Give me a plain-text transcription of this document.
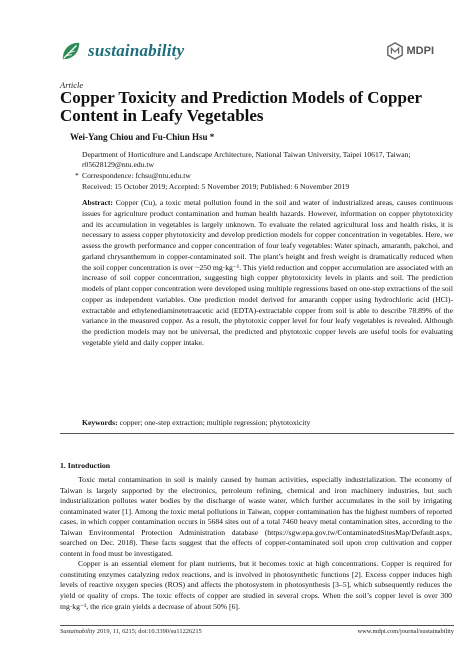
sustainability	MDPI
Article
Copper Toxicity and Prediction Models of Copper
Content in Leafy Vegetables
Wei-Yang Chiou and Fu-Chiun Hsu *
Department of Horticulture and Landscape Architecture, National Taiwan University, Taipei 10617, Taiwan; r05628129@ntu.edu.tw
* Correspondence: fchsu@ntu.edu.tw
Received: 15 October 2019; Accepted: 5 November 2019; Published: 6 November 2019
Abstract: Copper (Cu), a toxic metal pollution found in the soil and water of industrialized areas, causes continuous issues for agriculture product contamination and human health hazards. However, information on copper phytotoxicity and its accumulation in vegetables is largely unknown. To evaluate the related agricultural loss and health risks, it is necessary to assess copper phytotoxicity and develop prediction models for copper concentration in vegetables. Here, we assess the growth performance and copper concentration of four leafy vegetables: Water spinach, amaranth, pakchoi, and garland chrysanthemum in copper-contaminated soil. The plant’s height and fresh weight is dramatically reduced when the soil copper concentration is over ~250 mg·kg⁻¹. This yield reduction and copper accumulation are associated with an increase of soil copper concentration, suggesting high copper phytotoxicity levels in plants and soil. The prediction models of plant copper concentration were developed using multiple regressions based on one-step extractions of the soil copper as independent variables. One prediction model derived for amaranth copper using hydrochloric acid (HCl)-extractable and ethylenediaminetetraacetic acid (EDTA)-extractable copper from soil is able to describe 78.89% of the variance in the measured copper. As a result, the phytotoxic copper level for four leafy vegetables is revealed. Although the prediction models may not be universal, the predicted and phytotoxic copper levels are useful tools for evaluating vegetable yield and daily copper intake.
Keywords: copper; one-step extraction; multiple regression; phytotoxicity
1. Introduction

Toxic metal contamination in soil is mainly caused by human activities, especially industrialization. The economy of Taiwan is largely supported by the electronics, petroleum refining, chemical and iron machinery industries, but such industrialization pollutes water bodies by the discharge of waste water, which further accumulates in the soil by irrigating contaminated water [1]. Among the toxic metal pollutions in Taiwan, copper contamination has the highest numbers of reported cases, in which copper contamination occurs in 5684 sites out of a total 7460 heavy metal contamination sites, according to the Taiwan Environmental Protection Administration database (https://sgw.epa.gov.tw/ContaminatedSitesMap/Default.aspx, searched on Dec. 2018). These facts suggest that the effects of copper-contaminated soil upon crop cultivation and copper content in food must be investigated.

Copper is an essential element for plant nutrients, but it becomes toxic at high concentrations. Copper is required for constituting enzymes catalyzing redox reactions, and is involved in photosynthetic functions [2]. Excess copper induces high levels of reactive oxygen species (ROS) and affects the photosystem in photosynthesis [3–5], which subsequently reduces the yield or quality of crops. The toxic effects of copper are studied in several crops. When the soil’s copper level is over 300 mg·kg⁻¹, the rice grain yields a decrease of about 50% [6].

Sustainability 2019, 11, 6215; doi:10.3390/su11226215	www.mdpi.com/journal/sustainability
